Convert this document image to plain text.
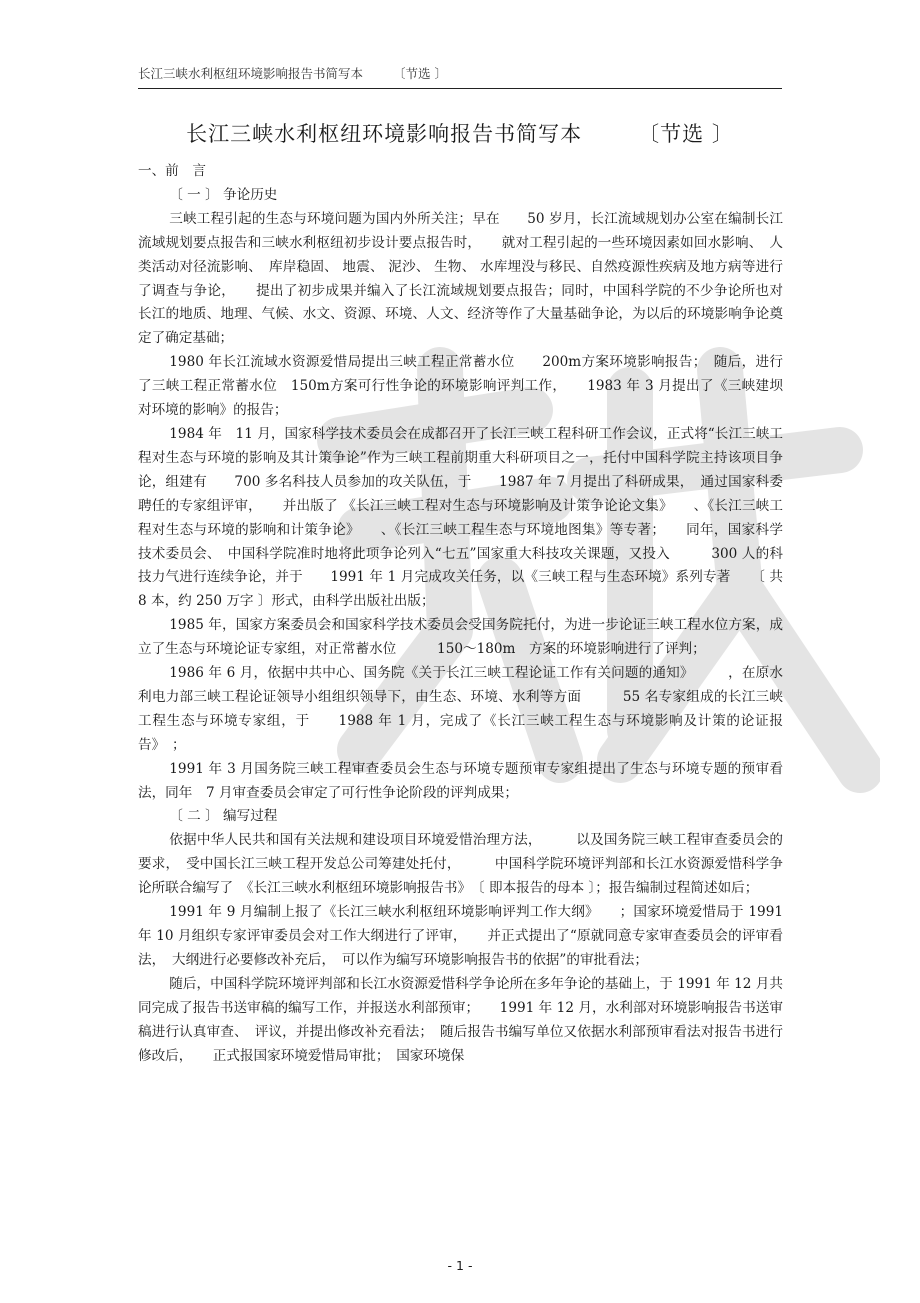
长江三峡水利枢纽环境影响报告书简写本 〔节选 〕
长江三峡水利枢纽环境影响报告书简写本	〔节选 〕

一、前　言

〔 一 〕 争论历史

三峡工程引起的生态与环境问题为国内外所关注；早在　　50 岁月，长江流域规划办公室在编制长江流域规划要点报告和三峡水利枢纽初步设计要点报告时，　　就对工程引起的一些环境因素如回水影响、　人类活动对径流影响、　库岸稳固、 地震、 泥沙、 生物、 水库埋没与移民、自然疫源性疾病及地方病等进行了调查与争论，　　提出了初步成果并编入了长江流域规划要点报告；同时，中国科学院的不少争论所也对长江的地质、地理、气候、水文、资源、环境、人文、经济等作了大量基础争论，为以后的环境影响争论奠定了确定基础；

1980 年长江流域水资源爱惜局提出三峡工程正常蓄水位　　200m方案环境影响报告；　随后，进行了三峡工程正常蓄水位　150m方案可行性争论的环境影响评判工作，　　1983 年 3 月提出了《三峡建坝对环境的影响》的报告；

1984 年　11 月，国家科学技术委员会在成都召开了长江三峡工程科研工作会议，正式将“长江三峡工程对生态与环境的影响及其计策争论”作为三峡工程前期重大科研项目之一，托付中国科学院主持该项目争论，组建有　　700 多名科技人员参加的攻关队伍，于　　1987 年 7 月提出了科研成果，　通过国家科委聘任的专家组评审，　　并出版了 《长江三峡工程对生态与环境影响及计策争论论文集》　　、《长江三峡工程对生态与环境的影响和计策争论》　　、《长江三峡工程生态与环境地图集》等专著；　　同年，国家科学技术委员会、　中国科学院准时地将此项争论列入“七五”国家重大科技攻关课题，又投入　　　300 人的科技力气进行连续争论，并于　　1991 年 1 月完成攻关任务，以《三峡工程与生态环境》系列专著　　〔 共 8 本，约 250 万字 〕形式，由科学出版社出版；

1985 年，国家方案委员会和国家科学技术委员会受国务院托付，为进一步论证三峡工程水位方案，成立了生态与环境论证专家组，对正常蓄水位　　　150～180m　方案的环境影响进行了评判；

1986 年 6 月，依据中共中心、国务院《关于长江三峡工程论证工作有关问题的通知》　　　，在原水利电力部三峡工程论证领导小组组织领导下，由生态、环境、水利等方面　　　55 名专家组成的长江三峡工程生态与环境专家组，于　　1988 年 1 月，完成了《长江三峡工程生态与环境影响及计策的论证报告》　；

1991 年 3 月国务院三峡工程审查委员会生态与环境专题预审专家组提出了生态与环境专题的预审看法，同年　7 月审查委员会审定了可行性争论阶段的评判成果；

〔 二 〕 编写过程

依据中华人民共和国有关法规和建设项目环境爱惜治理方法，　　　以及国务院三峡工程审查委员会的要求，　受中国长江三峡工程开发总公司筹建处托付，　　　中国科学院环境评判部和长江水资源爱惜科学争论所联合编写了　《长江三峡水利枢纽环境影响报告书》　〔 即本报告的母本 〕；报告编制过程简述如后；

1991 年 9 月编制上报了《长江三峡水利枢纽环境影响评判工作大纲》　　；国家环境爱惜局于 1991 年 10 月组织专家评审委员会对工作大纲进行了评审，　　并正式提出了“原就同意专家审查委员会的评审看法，　大纲进行必要修改补充后，　可以作为编写环境影响报告书的依据”的审批看法；

随后，中国科学院环境评判部和长江水资源爱惜科学争论所在多年争论的基础上，于 1991 年 12 月共同完成了报告书送审稿的编写工作，并报送水利部预审；　　1991 年 12 月，水利部对环境影响报告书送审稿进行认真审查、　评议，并提出修改补充看法；　随后报告书编写单位又依据水利部预审看法对报告书进行修改后，　　正式报国家环境爱惜局审批；　国家环境保

- 1 -
